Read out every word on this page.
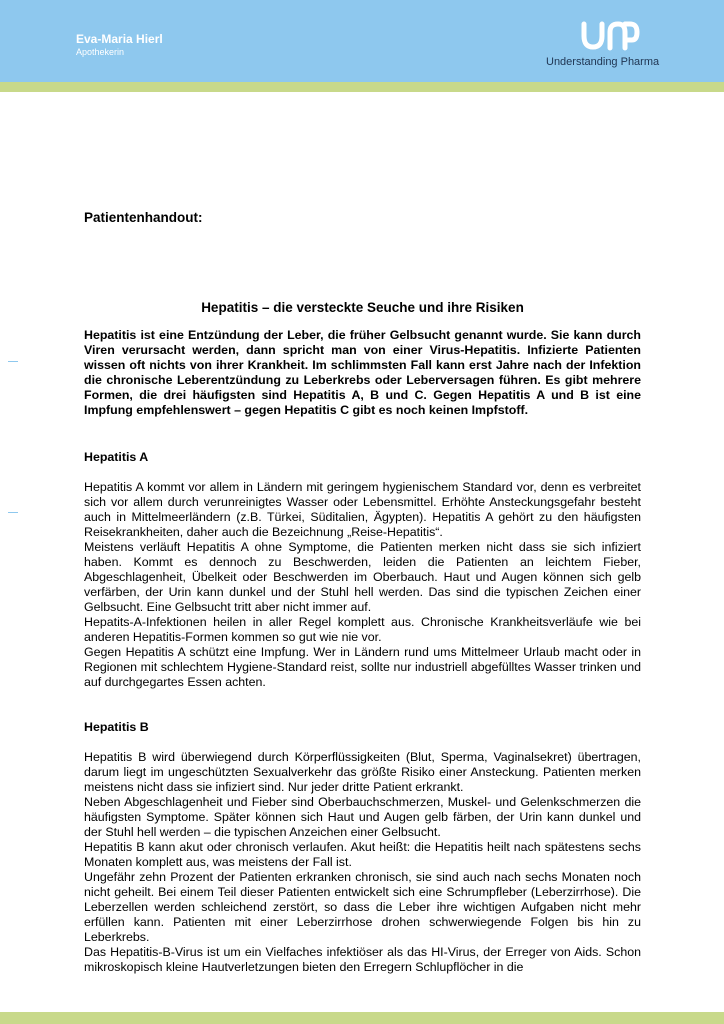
Eva-Maria Hierl
Apothekerin
Understanding Pharma

Patientenhandout:

Hepatitis – die versteckte Seuche und ihre Risiken

Hepatitis ist eine Entzündung der Leber, die früher Gelbsucht genannt wurde. Sie kann durch Viren verursacht werden, dann spricht man von einer Virus-Hepatitis. Infizierte Patienten wissen oft nichts von ihrer Krankheit. Im schlimmsten Fall kann erst Jahre nach der Infektion die chronische Leberentzündung zu Leberkrebs oder Leberversagen führen. Es gibt mehrere Formen, die drei häufigsten sind Hepatitis A, B und C. Gegen Hepatitis A und B ist eine Impfung empfehlenswert – gegen Hepatitis C gibt es noch keinen Impfstoff.

Hepatitis A

Hepatitis A kommt vor allem in Ländern mit geringem hygienischem Standard vor, denn es verbreitet sich vor allem durch verunreinigtes Wasser oder Lebensmittel. Erhöhte Ansteckungsgefahr besteht auch in Mittelmeerländern (z.B. Türkei, Süditalien, Ägypten). Hepatitis A gehört zu den häufigsten Reisekrankheiten, daher auch die Bezeichnung „Reise-Hepatitis“.

Meistens verläuft Hepatitis A ohne Symptome, die Patienten merken nicht dass sie sich infiziert haben. Kommt es dennoch zu Beschwerden, leiden die Patienten an leichtem Fieber, Abgeschlagenheit, Übelkeit oder Beschwerden im Oberbauch. Haut und Augen können sich gelb verfärben, der Urin kann dunkel und der Stuhl hell werden. Das sind die typischen Zeichen einer Gelbsucht. Eine Gelbsucht tritt aber nicht immer auf.

Hepatits-A-Infektionen heilen in aller Regel komplett aus. Chronische Krankheitsverläufe wie bei anderen Hepatitis-Formen kommen so gut wie nie vor.

Gegen Hepatitis A schützt eine Impfung. Wer in Ländern rund ums Mittelmeer Urlaub macht oder in Regionen mit schlechtem Hygiene-Standard reist, sollte nur industriell abgefülltes Wasser trinken und auf durchgegartes Essen achten.

Hepatitis B

Hepatitis B wird überwiegend durch Körperflüssigkeiten (Blut, Sperma, Vaginalsekret) übertragen, darum liegt im ungeschützten Sexualverkehr das größte Risiko einer Ansteckung. Patienten merken meistens nicht dass sie infiziert sind. Nur jeder dritte Patient erkrankt.

Neben Abgeschlagenheit und Fieber sind Oberbauchschmerzen, Muskel- und Gelenkschmerzen die häufigsten Symptome. Später können sich Haut und Augen gelb färben, der Urin kann dunkel und der Stuhl hell werden – die typischen Anzeichen einer Gelbsucht.

Hepatitis B kann akut oder chronisch verlaufen. Akut heißt: die Hepatitis heilt nach spätestens sechs Monaten komplett aus, was meistens der Fall ist.

Ungefähr zehn Prozent der Patienten erkranken chronisch, sie sind auch nach sechs Monaten noch nicht geheilt. Bei einem Teil dieser Patienten entwickelt sich eine Schrumpfleber (Leberzirrhose). Die Leberzellen werden schleichend zerstört, so dass die Leber ihre wichtigen Aufgaben nicht mehr erfüllen kann. Patienten mit einer Leberzirrhose drohen schwerwiegende Folgen bis hin zu Leberkrebs.

Das Hepatitis-B-Virus ist um ein Vielfaches infektiöser als das HI-Virus, der Erreger von Aids. Schon mikroskopisch kleine Hautverletzungen bieten den Erregern Schlupflöcher in die
